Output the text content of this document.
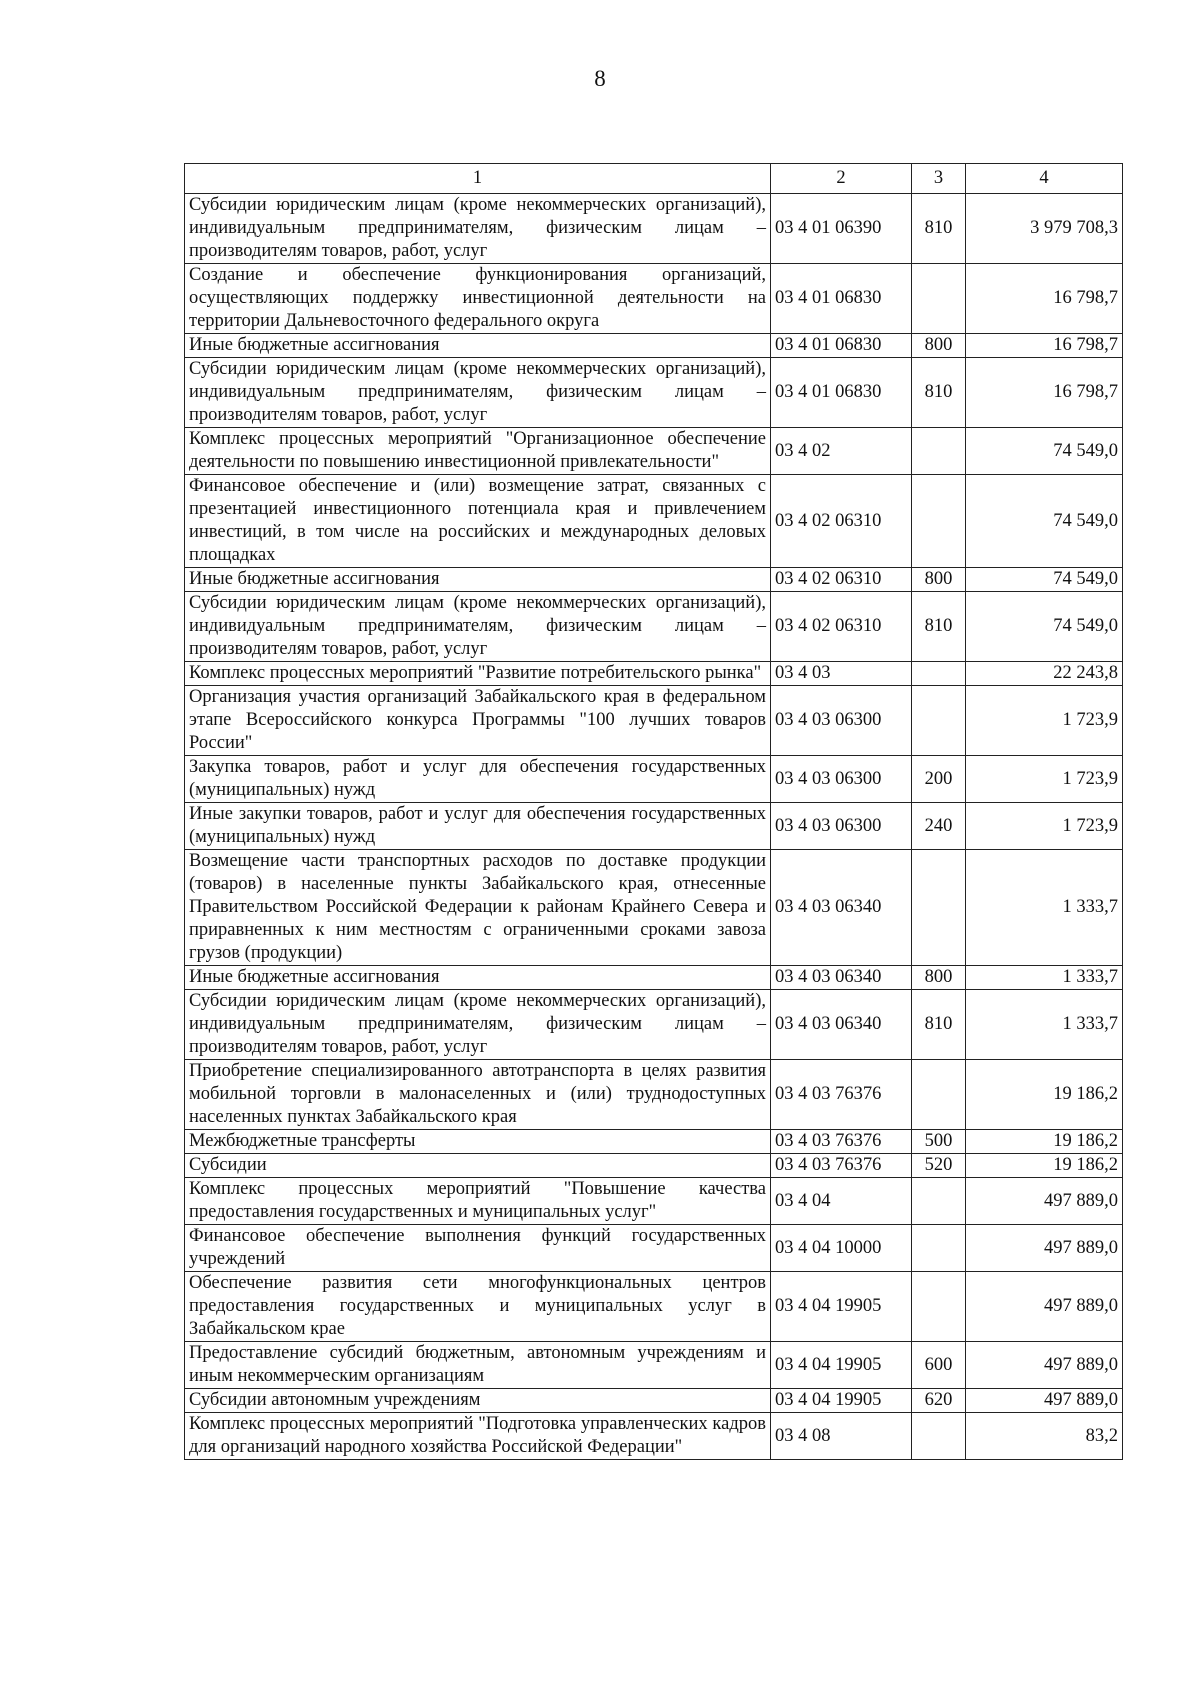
8
1	2	3	4
Субсидии юридическим лицам (кроме некоммерческих организаций), индивидуальным предпринимателям, физическим лицам – производителям товаров, работ, услуг	03 4 01 06390	810	3 979 708,3
Создание и обеспечение функционирования организаций, осуществляющих поддержку инвестиционной деятельности на территории Дальневосточного федерального округа	03 4 01 06830		16 798,7
Иные бюджетные ассигнования	03 4 01 06830	800	16 798,7
Субсидии юридическим лицам (кроме некоммерческих организаций), индивидуальным предпринимателям, физическим лицам – производителям товаров, работ, услуг	03 4 01 06830	810	16 798,7
Комплекс процессных мероприятий "Организационное обеспечение деятельности по повышению инвестиционной привлекательности"	03 4 02		74 549,0
Финансовое обеспечение и (или) возмещение затрат, связанных с презентацией инвестиционного потенциала края и привлечением инвестиций, в том числе на российских и международных деловых площадках	03 4 02 06310		74 549,0
Иные бюджетные ассигнования	03 4 02 06310	800	74 549,0
Субсидии юридическим лицам (кроме некоммерческих организаций), индивидуальным предпринимателям, физическим лицам – производителям товаров, работ, услуг	03 4 02 06310	810	74 549,0
Комплекс процессных мероприятий "Развитие потребительского рынка"	03 4 03		22 243,8
Организация участия организаций Забайкальского края в федеральном этапе Всероссийского конкурса Программы "100 лучших товаров России"	03 4 03 06300		1 723,9
Закупка товаров, работ и услуг для обеспечения государственных (муниципальных) нужд	03 4 03 06300	200	1 723,9
Иные закупки товаров, работ и услуг для обеспечения государственных (муниципальных) нужд	03 4 03 06300	240	1 723,9
Возмещение части транспортных расходов по доставке продукции (товаров) в населенные пункты Забайкальского края, отнесенные Правительством Российской Федерации к районам Крайнего Севера и приравненных к ним местностям с ограниченными сроками завоза грузов (продукции)	03 4 03 06340		1 333,7
Иные бюджетные ассигнования	03 4 03 06340	800	1 333,7
Субсидии юридическим лицам (кроме некоммерческих организаций), индивидуальным предпринимателям, физическим лицам – производителям товаров, работ, услуг	03 4 03 06340	810	1 333,7
Приобретение специализированного автотранспорта в целях развития мобильной торговли в малонаселенных и (или) труднодоступных населенных пунктах Забайкальского края	03 4 03 76376		19 186,2
Межбюджетные трансферты	03 4 03 76376	500	19 186,2
Субсидии	03 4 03 76376	520	19 186,2
Комплекс процессных мероприятий "Повышение качества предоставления государственных и муниципальных услуг"	03 4 04		497 889,0
Финансовое обеспечение выполнения функций государственных учреждений	03 4 04 10000		497 889,0
Обеспечение развития сети многофункциональных центров предоставления государственных и муниципальных услуг в Забайкальском крае	03 4 04 19905		497 889,0
Предоставление субсидий бюджетным, автономным учреждениям и иным некоммерческим организациям	03 4 04 19905	600	497 889,0
Субсидии автономным учреждениям	03 4 04 19905	620	497 889,0
Комплекс процессных мероприятий "Подготовка управленческих кадров для организаций народного хозяйства Российской Федерации"	03 4 08		83,2
